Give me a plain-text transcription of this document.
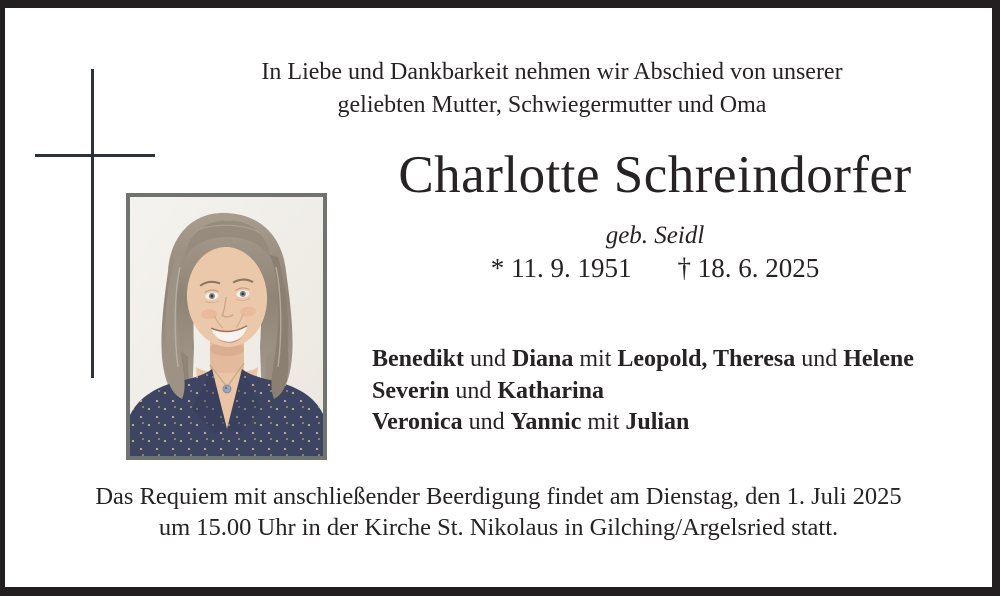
In Liebe und Dankbarkeit nehmen wir Abschied von unserer
geliebten Mutter, Schwiegermutter und Oma
Charlotte Schreindorfer
geb. Seidl
* 11. 9. 1951 † 18. 6. 2025
Benedikt und Diana mit Leopold, Theresa und Helene
Severin und Katharina
Veronica und Yannic mit Julian
Das Requiem mit anschließender Beerdigung findet am Dienstag, den 1. Juli 2025
um 15.00 Uhr in der Kirche St. Nikolaus in Gilching/Argelsried statt.
